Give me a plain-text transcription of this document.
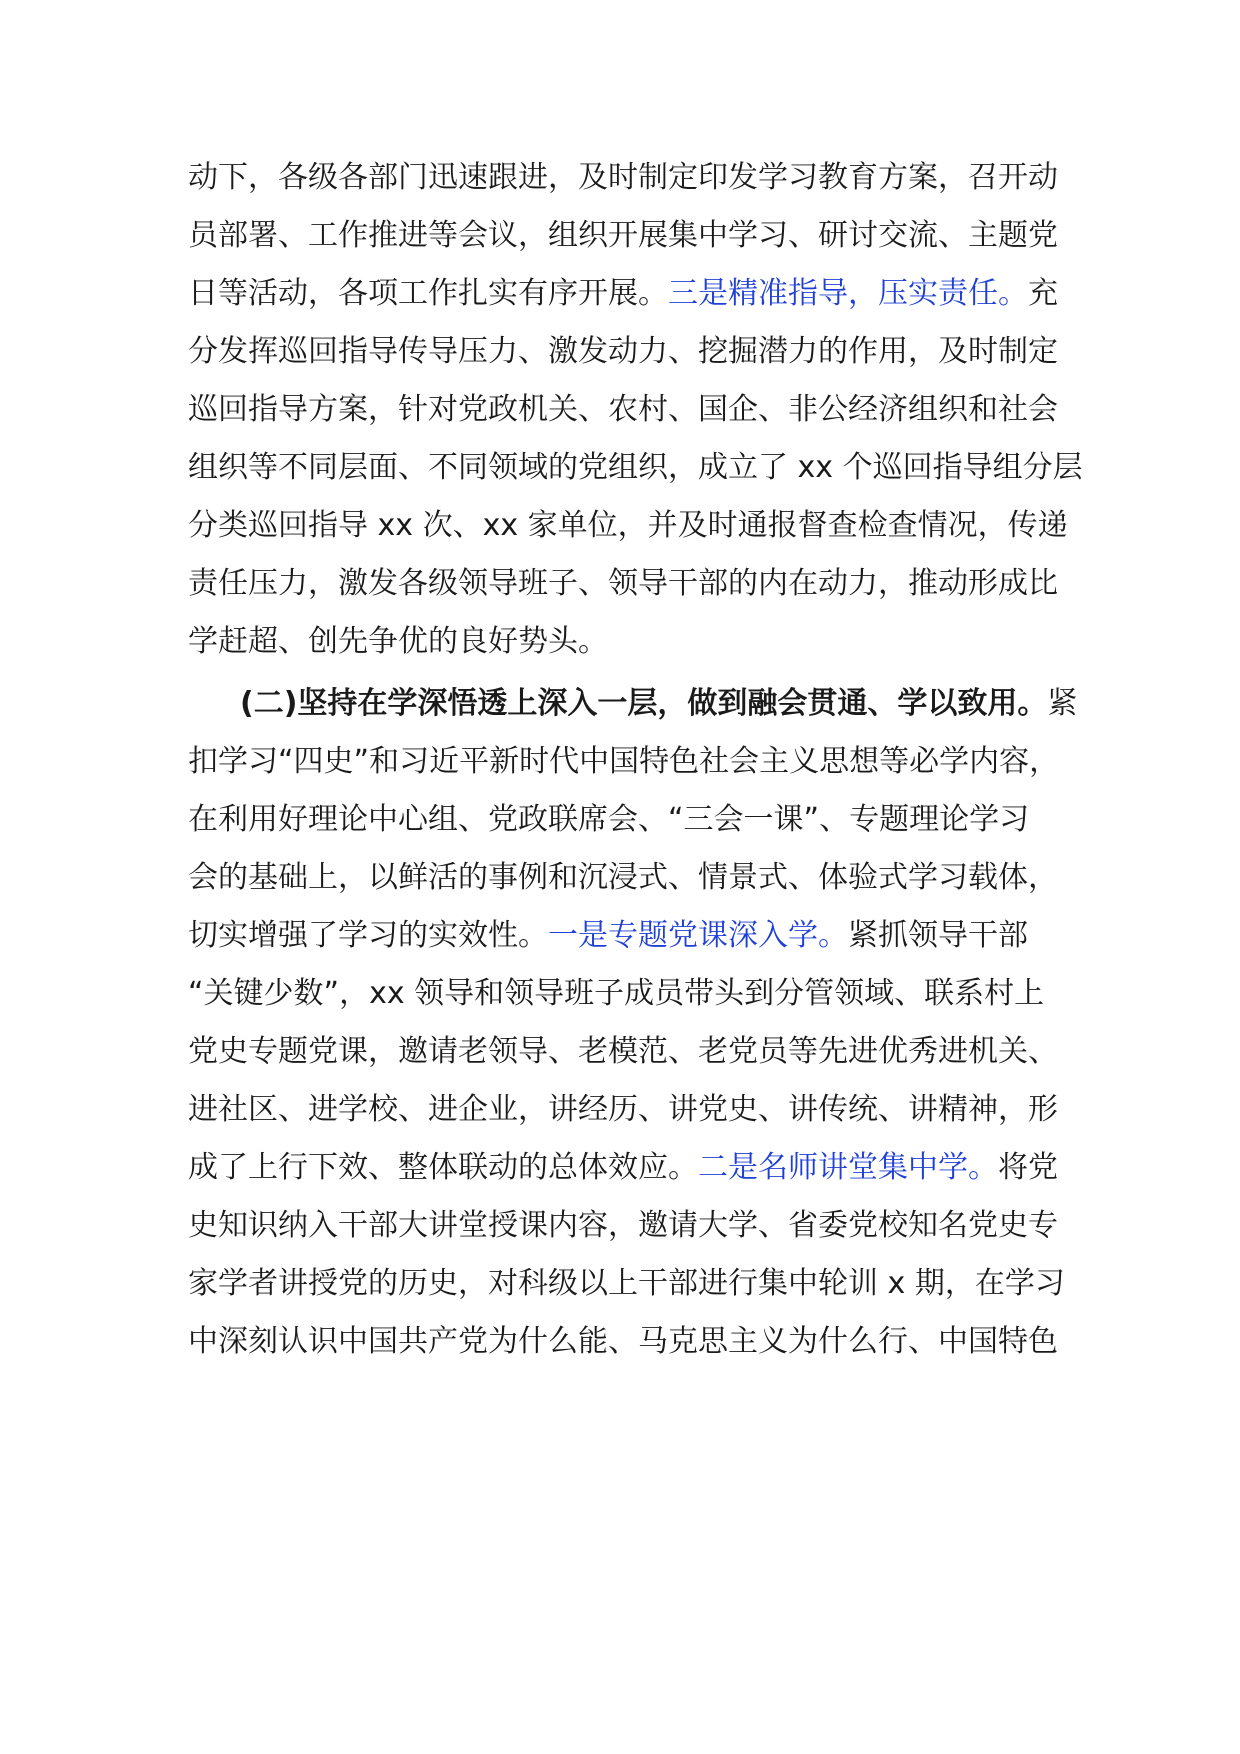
动下，各级各部门迅速跟进，及时制定印发学习教育方案，召开动
员部署、工作推进等会议，组织开展集中学习、研讨交流、主题党
日等活动，各项工作扎实有序开展。三是精准指导，压实责任。充
分发挥巡回指导传导压力、激发动力、挖掘潜力的作用，及时制定
巡回指导方案，针对党政机关、农村、国企、非公经济组织和社会
组织等不同层面、不同领域的党组织，成立了 xx 个巡回指导组分层
分类巡回指导 xx 次、xx 家单位，并及时通报督查检查情况，传递
责任压力，激发各级领导班子、领导干部的内在动力，推动形成比
学赶超、创先争优的良好势头。
(二)坚持在学深悟透上深入一层，做到融会贯通、学以致用。紧
扣学习“四史”和习近平新时代中国特色社会主义思想等必学内容，
在利用好理论中心组、党政联席会、“三会一课”、专题理论学习
会的基础上，以鲜活的事例和沉浸式、情景式、体验式学习载体，
切实增强了学习的实效性。一是专题党课深入学。紧抓领导干部
“关键少数”，xx 领导和领导班子成员带头到分管领域、联系村上
党史专题党课，邀请老领导、老模范、老党员等先进优秀进机关、
进社区、进学校、进企业，讲经历、讲党史、讲传统、讲精神，形
成了上行下效、整体联动的总体效应。二是名师讲堂集中学。将党
史知识纳入干部大讲堂授课内容，邀请大学、省委党校知名党史专
家学者讲授党的历史，对科级以上干部进行集中轮训 x 期，在学习
中深刻认识中国共产党为什么能、马克思主义为什么行、中国特色
